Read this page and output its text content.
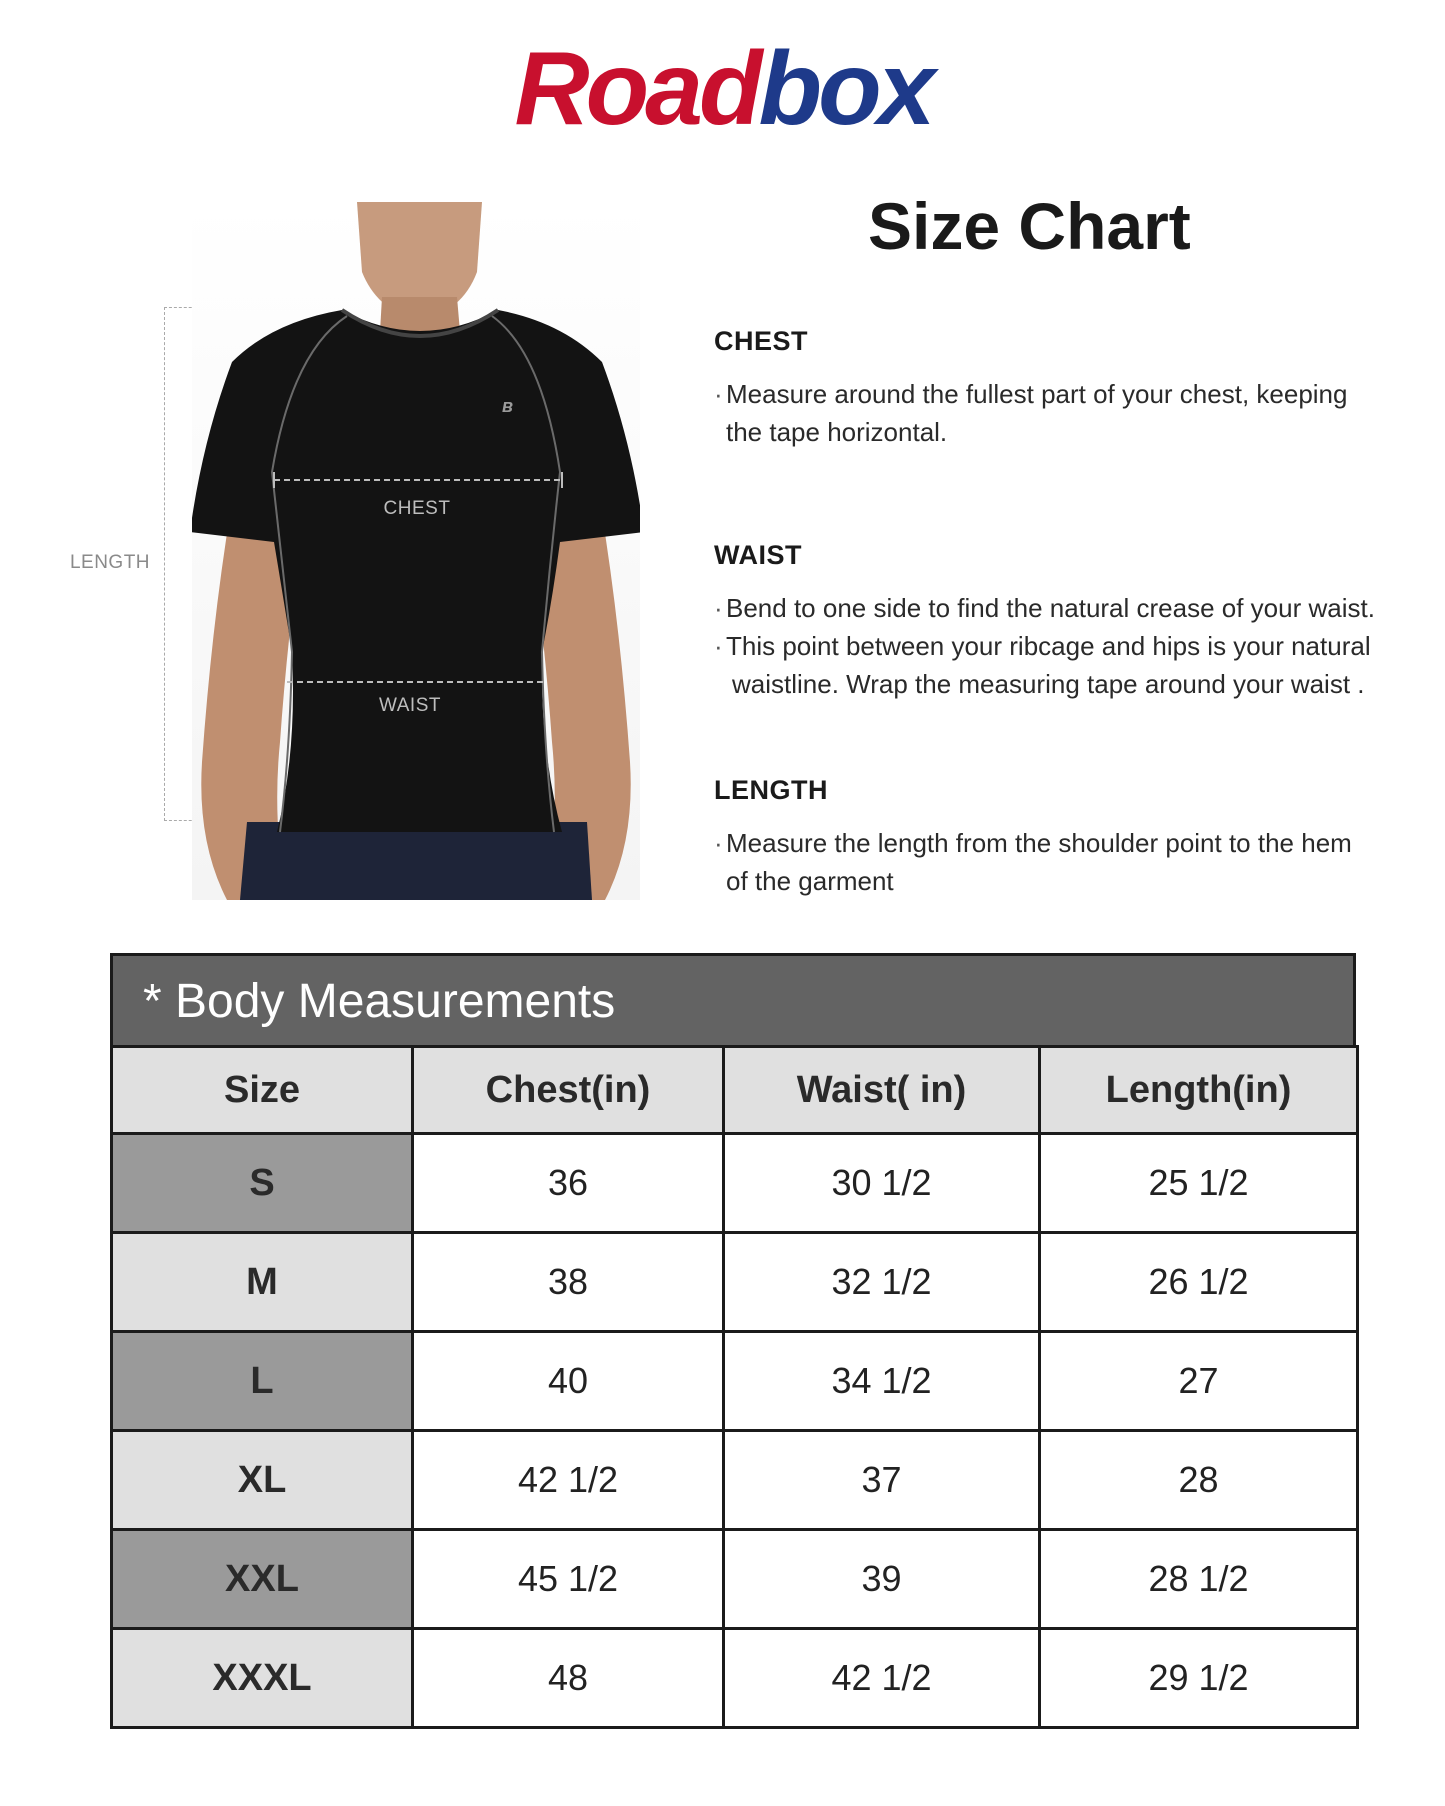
Roadbox
LENGTH
ʙ
CHEST
WAIST
Size Chart
CHEST

· Measure around the fullest part of your chest, keeping
the tape horizontal.

WAIST

· Bend to one side to find the natural crease of your waist.
· This point between your ribcage and hips is your natural
waistline. Wrap the measuring tape around your waist .

LENGTH

· Measure the length from the shoulder point to the hem
of the garment

* Body Measurements
Size	Chest(in)	Waist( in)	Length(in)
S	36	30 1/2	25 1/2
M	38	32 1/2	26 1/2
L	40	34 1/2	27
XL	42 1/2	37	28
XXL	45 1/2	39	28 1/2
XXXL	48	42 1/2	29 1/2
